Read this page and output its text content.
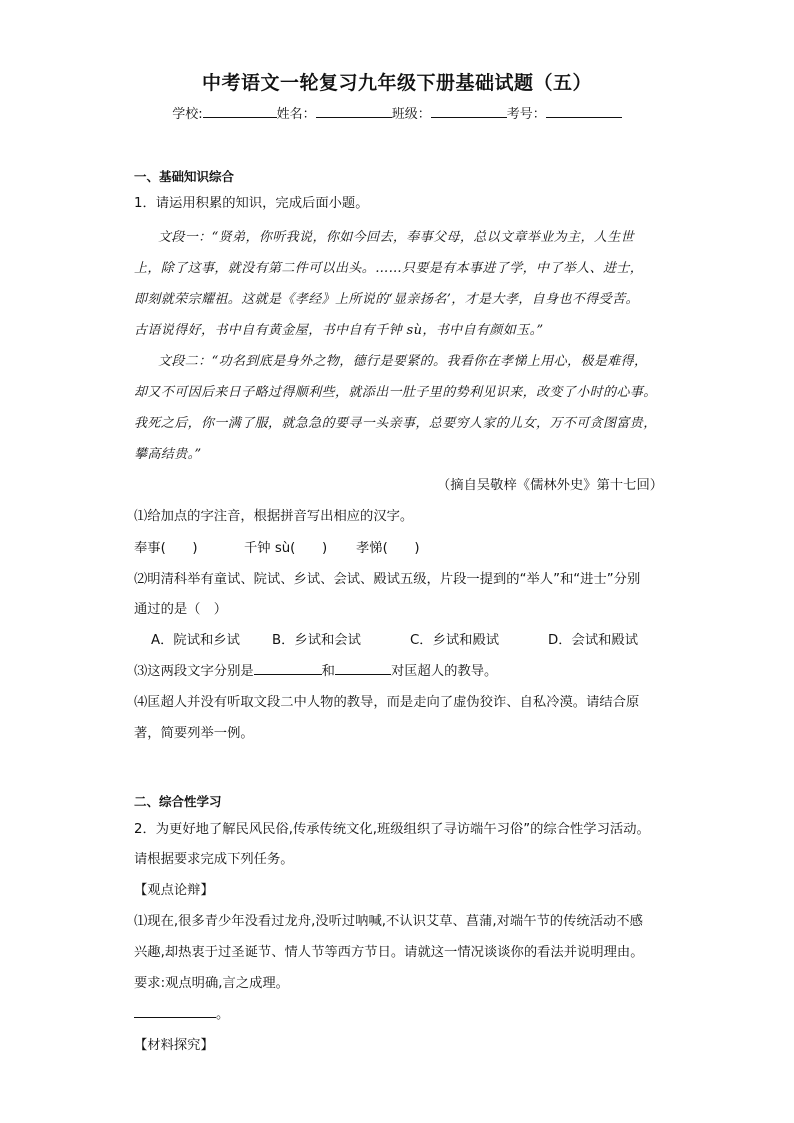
中考语文一轮复习九年级下册基础试题（五）
学校:	姓名：	班级：	考号：
一、基础知识综合
1．请运用积累的知识，完成后面小题。
文段一：“贤弟，你听我说，你如今回去，奉事父母，总以文章举业为主，人生世
上，除了这事，就没有第二件可以出头。……只要是有本事进了学，中了举人、进士，
即刻就荣宗耀祖。这就是《孝经》上所说的‘显亲扬名’，才是大孝，自身也不得受苦。
古语说得好，书中自有黄金屋，书中自有千钟 sù，书中自有颜如玉。”
文段二：“功名到底是身外之物，德行是要紧的。我看你在孝悌上用心，极是难得，
却又不可因后来日子略过得顺利些，就添出一肚子里的势利见识来，改变了小时的心事。
我死之后，你一满了服，就急急的要寻一头亲事，总要穷人家的儿女，万不可贪图富贵，
攀高结贵。”
（摘自吴敬梓《儒林外史》第十七回）
⑴给加点的字注音，根据拼音写出相应的汉字。
奉事(　　)	千钟 sù(　　) 孝悌(　　)
⑵明清科举有童试、院试、乡试、会试、殿试五级，片段一提到的“举人”和“进士”分别
通过的是（　）
A．院试和乡试 B．乡试和会试	C．乡试和殿试	D．会试和殿试
⑶这两段文字分别是	和	对匡超人的教导。
⑷匡超人并没有听取文段二中人物的教导，而是走向了虚伪狡诈、自私冷漠。请结合原
著，简要列举一例。
二、综合性学习
2．为更好地了解民风民俗,传承传统文化,班级组织了寻访端午习俗”的综合性学习活动。
请根据要求完成下列任务。
【观点论辩】
⑴现在,很多青少年没看过龙舟,没听过呐喊,不认识艾草、菖蒲,对端午节的传统活动不感
兴趣,却热衷于过圣诞节、情人节等西方节日。请就这一情况谈谈你的看法并说明理由。
要求:观点明确,言之成理。
。
【材料探究】
